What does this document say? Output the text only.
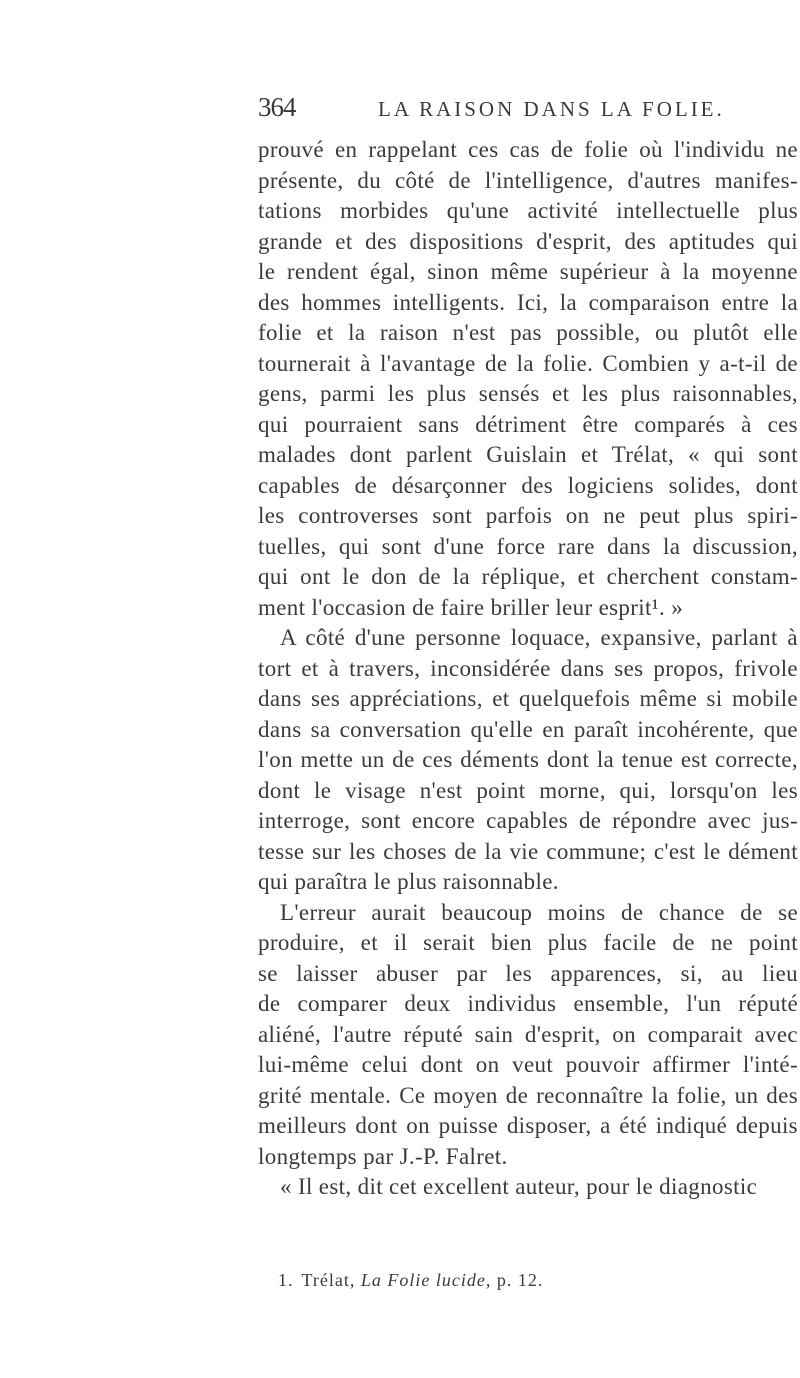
364	LA RAISON DANS LA FOLIE.
prouvé en rappelant ces cas de folie où l'individu ne
présente, du côté de l'intelligence, d'autres manifes-
tations morbides qu'une activité intellectuelle plus
grande et des dispositions d'esprit, des aptitudes qui
le rendent égal, sinon même supérieur à la moyenne
des hommes intelligents. Ici, la comparaison entre la
folie et la raison n'est pas possible, ou plutôt elle
tournerait à l'avantage de la folie. Combien y a-t-il de
gens, parmi les plus sensés et les plus raisonnables,
qui pourraient sans détriment être comparés à ces
malades dont parlent Guislain et Trélat, « qui sont
capables de désarçonner des logiciens solides, dont
les controverses sont parfois on ne peut plus spiri-
tuelles, qui sont d'une force rare dans la discussion,
qui ont le don de la réplique, et cherchent constam-
ment l'occasion de faire briller leur esprit¹. »
A côté d'une personne loquace, expansive, parlant à
tort et à travers, inconsidérée dans ses propos, frivole
dans ses appréciations, et quelquefois même si mobile
dans sa conversation qu'elle en paraît incohérente, que
l'on mette un de ces déments dont la tenue est correcte,
dont le visage n'est point morne, qui, lorsqu'on les
interroge, sont encore capables de répondre avec jus-
tesse sur les choses de la vie commune; c'est le dément
qui paraîtra le plus raisonnable.
L'erreur aurait beaucoup moins de chance de se
produire, et il serait bien plus facile de ne point
se laisser abuser par les apparences, si, au lieu
de comparer deux individus ensemble, l'un réputé
aliéné, l'autre réputé sain d'esprit, on comparait avec
lui-même celui dont on veut pouvoir affirmer l'inté-
grité mentale. Ce moyen de reconnaître la folie, un des
meilleurs dont on puisse disposer, a été indiqué depuis
longtemps par J.-P. Falret.
« Il est, dit cet excellent auteur, pour le diagnostic
1. Trélat, La Folie lucide, p. 12.
